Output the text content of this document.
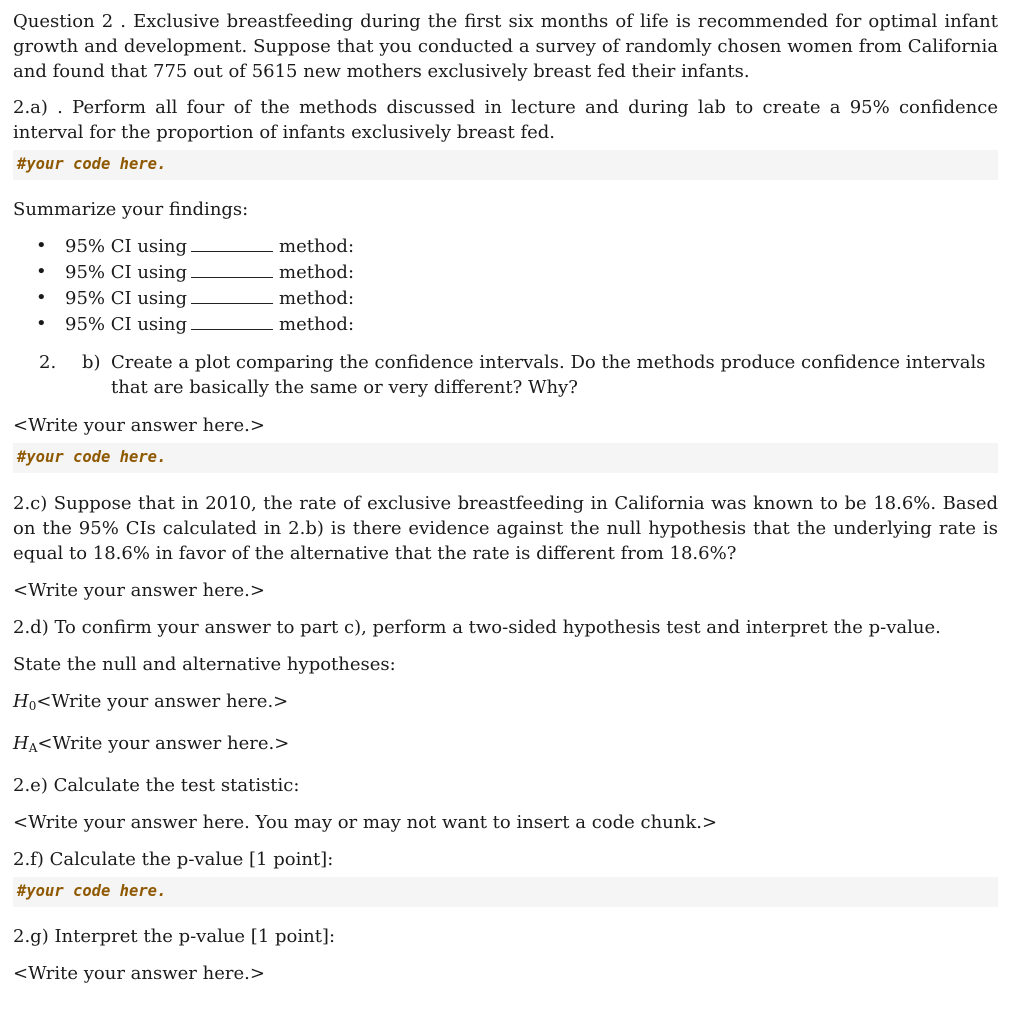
Question 2 . Exclusive breastfeeding during the first six months of life is recommended for optimal infant growth and development. Suppose that you conducted a survey of randomly chosen women from California and found that 775 out of 5615 new mothers exclusively breast fed their infants.

2.a) . Perform all four of the methods discussed in lecture and during lab to create a 95% confidence interval for the proportion of infants exclusively breast fed.

#your code here.

Summarize your findings:

• 95% CI using	method:
• 95% CI using	method:
• 95% CI using	method:
• 95% CI using	method:
2. b) Create a plot comparing the confidence intervals. Do the methods produce confidence intervals that are basically the same or very different? Why?

<Write your answer here.>

#your code here.

2.c) Suppose that in 2010, the rate of exclusive breastfeeding in California was known to be 18.6%. Based on the 95% CIs calculated in 2.b) is there evidence against the null hypothesis that the underlying rate is equal to 18.6% in favor of the alternative that the rate is different from 18.6%?

<Write your answer here.>

2.d) To confirm your answer to part c), perform a two-sided hypothesis test and interpret the p-value.

State the null and alternative hypotheses:

$H_0<Write$ your answer here.>

$H_A<Write$ your answer here.>

2.e) Calculate the test statistic:

<Write your answer here. You may or may not want to insert a code chunk.>

2.f) Calculate the p-value [1 point]:

#your code here.

2.g) Interpret the p-value [1 point]:

<Write your answer here.>
